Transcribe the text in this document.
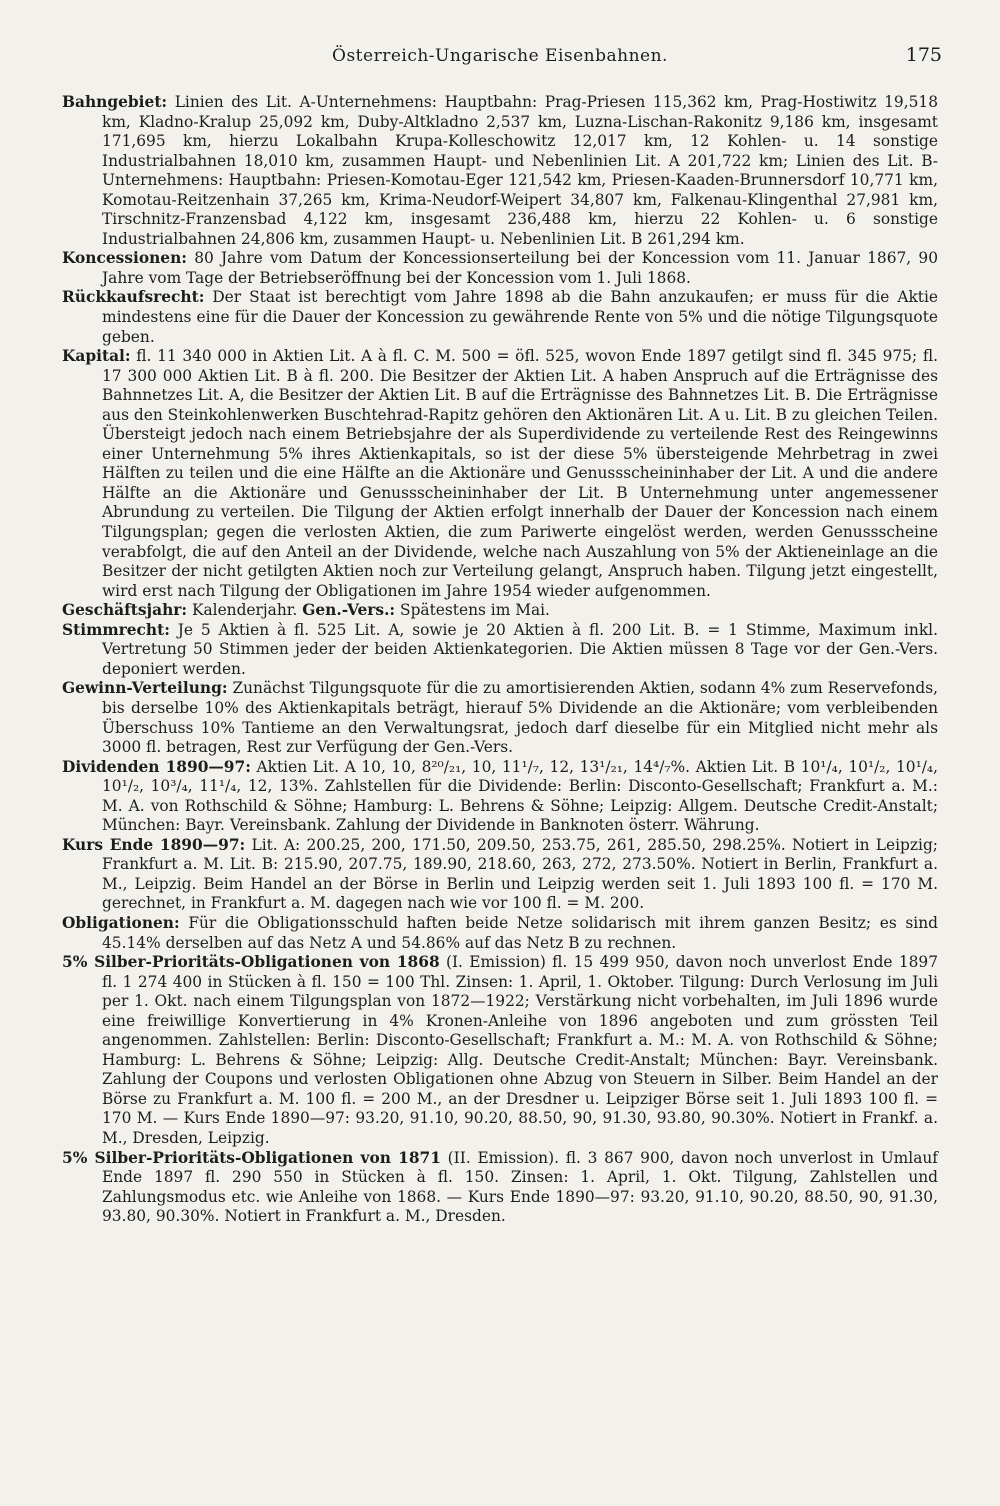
Österreich-Ungarische Eisenbahnen.	175

Bahngebiet: Linien des Lit. A-Unternehmens: Hauptbahn: Prag-Priesen 115,362 km, Prag-Hostiwitz 19,518 km, Kladno-Kralup 25,092 km, Duby-Altkladno 2,537 km, Luzna-Lischan-Rakonitz 9,186 km, insgesamt 171,695 km, hierzu Lokalbahn Krupa-Kolleschowitz 12,017 km, 12 Kohlen- u. 14 sonstige Industrialbahnen 18,010 km, zusammen Haupt- und Nebenlinien Lit. A 201,722 km; Linien des Lit. B-Unternehmens: Hauptbahn: Priesen-Komotau-Eger 121,542 km, Priesen-Kaaden-Brunnersdorf 10,771 km, Komotau-Reitzenhain 37,265 km, Krima-Neudorf-Weipert 34,807 km, Falkenau-Klingenthal 27,981 km, Tirschnitz-Franzensbad 4,122 km, insgesamt 236,488 km, hierzu 22 Kohlen- u. 6 sonstige Industrialbahnen 24,806 km, zusammen Haupt- u. Nebenlinien Lit. B 261,294 km.

Koncessionen: 80 Jahre vom Datum der Koncessionserteilung bei der Koncession vom 11. Januar 1867, 90 Jahre vom Tage der Betriebseröffnung bei der Koncession vom 1. Juli 1868.

Rückkaufsrecht: Der Staat ist berechtigt vom Jahre 1898 ab die Bahn anzukaufen; er muss für die Aktie mindestens eine für die Dauer der Koncession zu gewährende Rente von 5% und die nötige Tilgungsquote geben.

Kapital: fl. 11 340 000 in Aktien Lit. A à fl. C. M. 500 = öfl. 525, wovon Ende 1897 getilgt sind fl. 345 975; fl. 17 300 000 Aktien Lit. B à fl. 200. Die Besitzer der Aktien Lit. A haben Anspruch auf die Erträgnisse des Bahnnetzes Lit. A, die Besitzer der Aktien Lit. B auf die Erträgnisse des Bahnnetzes Lit. B. Die Erträgnisse aus den Steinkohlenwerken Buschtehrad-Rapitz gehören den Aktionären Lit. A u. Lit. B zu gleichen Teilen. Übersteigt jedoch nach einem Betriebsjahre der als Superdividende zu verteilende Rest des Reingewinns einer Unternehmung 5% ihres Aktienkapitals, so ist der diese 5% übersteigende Mehrbetrag in zwei Hälften zu teilen und die eine Hälfte an die Aktionäre und Genussscheininhaber der Lit. A und die andere Hälfte an die Aktionäre und Genussscheininhaber der Lit. B Unternehmung unter angemessener Abrundung zu verteilen. Die Tilgung der Aktien erfolgt innerhalb der Dauer der Koncession nach einem Tilgungsplan; gegen die verlosten Aktien, die zum Pariwerte eingelöst werden, werden Genussscheine verabfolgt, die auf den Anteil an der Dividende, welche nach Auszahlung von 5% der Aktieneinlage an die Besitzer der nicht getilgten Aktien noch zur Verteilung gelangt, Anspruch haben. Tilgung jetzt eingestellt, wird erst nach Tilgung der Obligationen im Jahre 1954 wieder aufgenommen.

Geschäftsjahr: Kalenderjahr. Gen.-Vers.: Spätestens im Mai.

Stimmrecht: Je 5 Aktien à fl. 525 Lit. A, sowie je 20 Aktien à fl. 200 Lit. B. = 1 Stimme, Maximum inkl. Vertretung 50 Stimmen jeder der beiden Aktienkategorien. Die Aktien müssen 8 Tage vor der Gen.-Vers. deponiert werden.

Gewinn-Verteilung: Zunächst Tilgungsquote für die zu amortisierenden Aktien, sodann 4% zum Reservefonds, bis derselbe 10% des Aktienkapitals beträgt, hierauf 5% Dividende an die Aktionäre; vom verbleibenden Überschuss 10% Tantieme an den Verwaltungsrat, jedoch darf dieselbe für ein Mitglied nicht mehr als 3000 fl. betragen, Rest zur Verfügung der Gen.-Vers.

Dividenden 1890—97: Aktien Lit. A 10, 10, 8²⁰/₂₁, 10, 11¹/₇, 12, 13¹/₂₁, 14⁴/₇%. Aktien Lit. B 10¹/₄, 10¹/₂, 10¹/₄, 10¹/₂, 10³/₄, 11¹/₄, 12, 13%. Zahlstellen für die Dividende: Berlin: Disconto-Gesellschaft; Frankfurt a. M.: M. A. von Rothschild & Söhne; Hamburg: L. Behrens & Söhne; Leipzig: Allgem. Deutsche Credit-Anstalt; München: Bayr. Vereinsbank. Zahlung der Dividende in Banknoten österr. Währung.

Kurs Ende 1890—97: Lit. A: 200.25, 200, 171.50, 209.50, 253.75, 261, 285.50, 298.25%. Notiert in Leipzig; Frankfurt a. M. Lit. B: 215.90, 207.75, 189.90, 218.60, 263, 272, 273.50%. Notiert in Berlin, Frankfurt a. M., Leipzig. Beim Handel an der Börse in Berlin und Leipzig werden seit 1. Juli 1893 100 fl. = 170 M. gerechnet, in Frankfurt a. M. dagegen nach wie vor 100 fl. = M. 200.

Obligationen: Für die Obligationsschuld haften beide Netze solidarisch mit ihrem ganzen Besitz; es sind 45.14% derselben auf das Netz A und 54.86% auf das Netz B zu rechnen.

5% Silber-Prioritäts-Obligationen von 1868 (I. Emission) fl. 15 499 950, davon noch unverlost Ende 1897 fl. 1 274 400 in Stücken à fl. 150 = 100 Thl. Zinsen: 1. April, 1. Oktober. Tilgung: Durch Verlosung im Juli per 1. Okt. nach einem Tilgungsplan von 1872—1922; Verstärkung nicht vorbehalten, im Juli 1896 wurde eine freiwillige Konvertierung in 4% Kronen-Anleihe von 1896 angeboten und zum grössten Teil angenommen. Zahlstellen: Berlin: Disconto-Gesellschaft; Frankfurt a. M.: M. A. von Rothschild & Söhne; Hamburg: L. Behrens & Söhne; Leipzig: Allg. Deutsche Credit-Anstalt; München: Bayr. Vereinsbank. Zahlung der Coupons und verlosten Obligationen ohne Abzug von Steuern in Silber. Beim Handel an der Börse zu Frankfurt a. M. 100 fl. = 200 M., an der Dresdner u. Leipziger Börse seit 1. Juli 1893 100 fl. = 170 M. — Kurs Ende 1890—97: 93.20, 91.10, 90.20, 88.50, 90, 91.30, 93.80, 90.30%. Notiert in Frankf. a. M., Dresden, Leipzig.

5% Silber-Prioritäts-Obligationen von 1871 (II. Emission). fl. 3 867 900, davon noch unverlost in Umlauf Ende 1897 fl. 290 550 in Stücken à fl. 150. Zinsen: 1. April, 1. Okt. Tilgung, Zahlstellen und Zahlungsmodus etc. wie Anleihe von 1868. — Kurs Ende 1890—97: 93.20, 91.10, 90.20, 88.50, 90, 91.30, 93.80, 90.30%. Notiert in Frankfurt a. M., Dresden.
